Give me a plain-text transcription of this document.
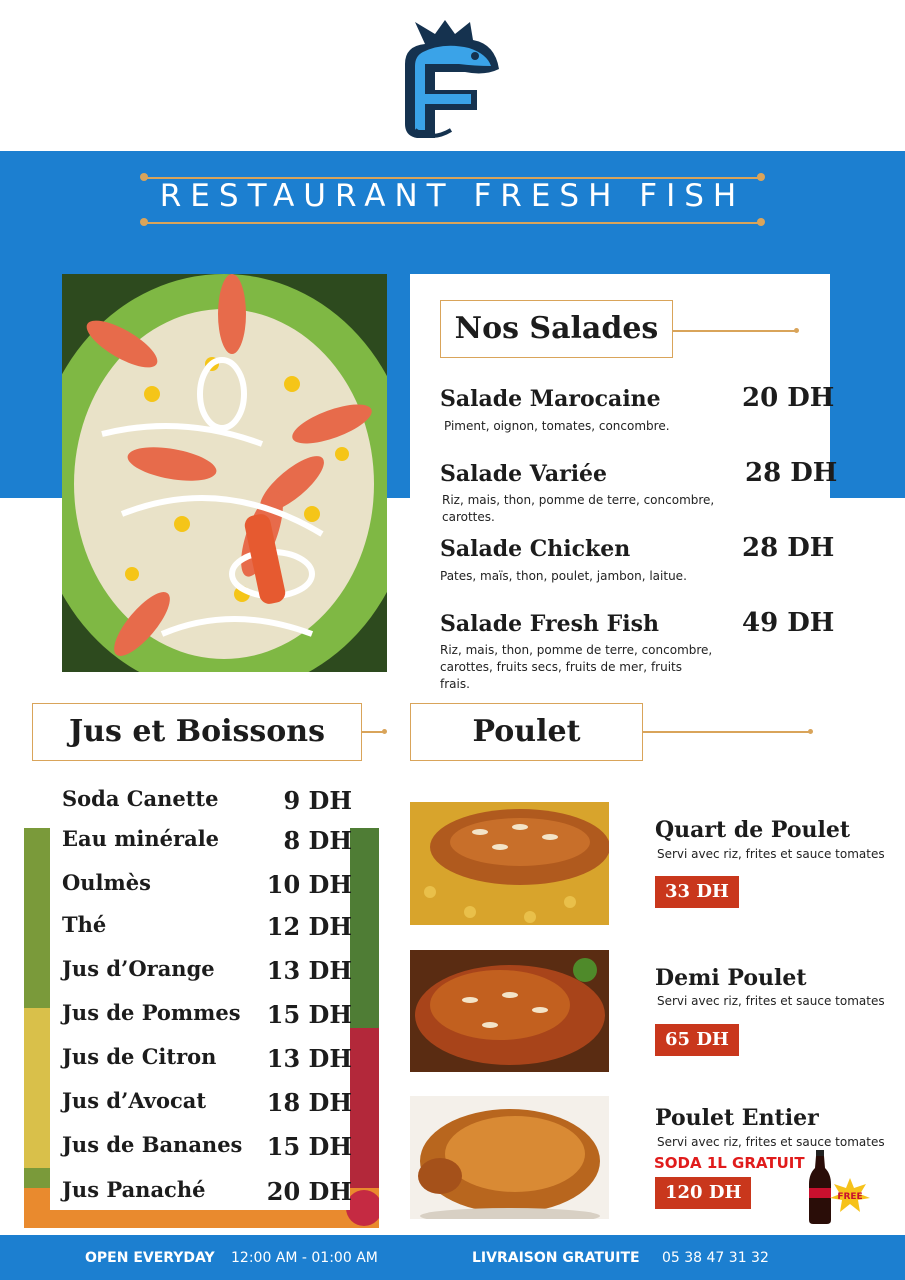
RESTAURANT FRESH FISH
Nos Salades
Salade Marocaine	20 DH
Piment, oignon, tomates, concombre.
Salade Variée	28 DH
Riz, mais, thon, pomme de terre, concombre, carottes.
Salade Chicken	28 DH
Pates, maïs, thon, poulet, jambon, laitue.
Salade Fresh Fish	49 DH
Riz, mais, thon, pomme de terre, concombre, carottes, fruits secs, fruits de mer, fruits frais.
Jus et Boissons	Poulet
Soda Canette	9 DH
Eau minérale	8 DH
Oulmès	10 DH
Thé	12 DH
Jus d’Orange 13 DH
Jus de Pommes 15 DH
Jus de Citron 13 DH
Jus d’Avocat	18 DH
Jus de Bananes 15 DH
Jus Panaché	20 DH
Quart de Poulet
Servi avec riz, frites et sauce tomates
33 DH
Demi Poulet
Servi avec riz, frites et sauce tomates
65 DH
Poulet Entier
Servi avec riz, frites et sauce tomates
SODA 1L GRATUIT
120 DH	FREE
OPEN EVERYDAY 12:00 AM - 01:00 AM	LIVRAISON GRATUITE 05 38 47 31 32
